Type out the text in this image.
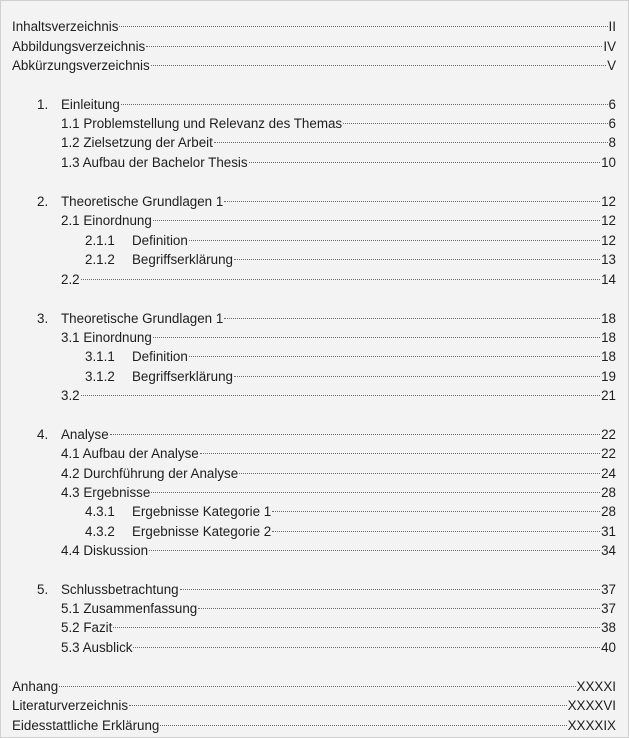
Inhaltsverzeichnis	II
Abbildungsverzeichnis	IV
Abkürzungsverzeichnis	V
1. Einleitung	6
1.1 Problemstellung und Relevanz des Themas	6
1.2 Zielsetzung der Arbeit	8
1.3 Aufbau der Bachelor Thesis	10
2. Theoretische Grundlagen 1	12
2.1 Einordnung	12
2.1.1	Definition	12
2.1.2	Begriffserklärung	13
2.2	14
3. Theoretische Grundlagen 1	18
3.1 Einordnung	18
3.1.1	Definition	18
3.1.2	Begriffserklärung	19
3.2	21
4. Analyse	22
4.1 Aufbau der Analyse	22
4.2 Durchführung der Analyse	24
4.3 Ergebnisse	28
4.3.1	Ergebnisse Kategorie 1	28
4.3.2	Ergebnisse Kategorie 2	31
4.4 Diskussion	34
5. Schlussbetrachtung	37
5.1 Zusammenfassung	37
5.2 Fazit	38
5.3 Ausblick	40
Anhang	XXXXI
Literaturverzeichnis	XXXXVI
Eidesstattliche Erklärung	XXXXIX
